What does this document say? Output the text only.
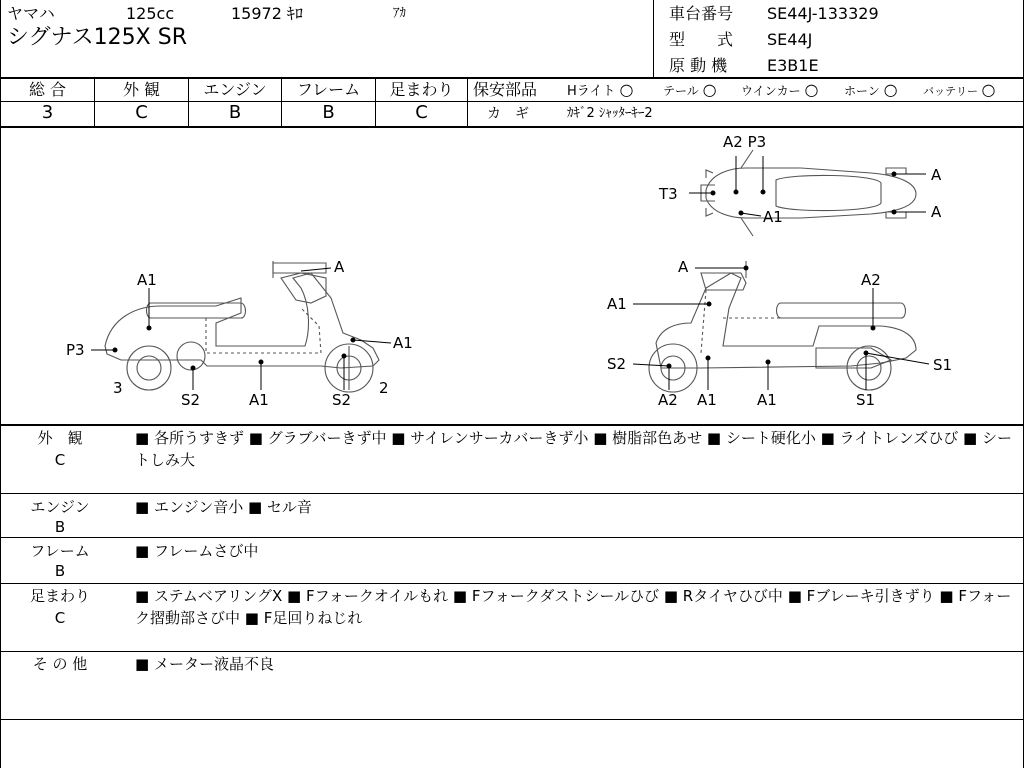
ヤマハ	125cc	15972 ｷﾛ	ｱｶ
シグナス125X SR
車台番号 SE44J-133329
型　　式 SE44J
原 動 機 E3B1E
総 合	外 観	エンジン	フレーム	足まわり
3	C	B	B	C
保安部品 Hライト ○ テール ○ ウインカー ○ ホーン ○ バッテリー ○
カ　ギ	ｶｷﾞ2 ｼｬｯﾀｰｷｰ2
A
A1
A1
P3
S2	A1	S2
3	2
A2 P3
T3
A1
A
A
A
A1
A2
S2
A2 A1	A1
S1
S1
外　観
C
■ 各所うすきず ■ グラブバーきず中 ■ サイレンサーカバーきず小 ■ 樹脂部色あせ ■ シート硬化小 ■ ライトレンズひび ■ シートしみ大
エンジン
B
■ エンジン音小 ■ セル音
フレーム
B
■ フレームさび中
足まわり
C
■ ステムベアリングX ■ Fフォークオイルもれ ■ Fフォークダストシールひび ■ Rタイヤひび中 ■ Fブレーキ引きずり ■ Fフォーク摺動部さび中 ■ F足回りねじれ
そ の 他	■ メーター液晶不良
